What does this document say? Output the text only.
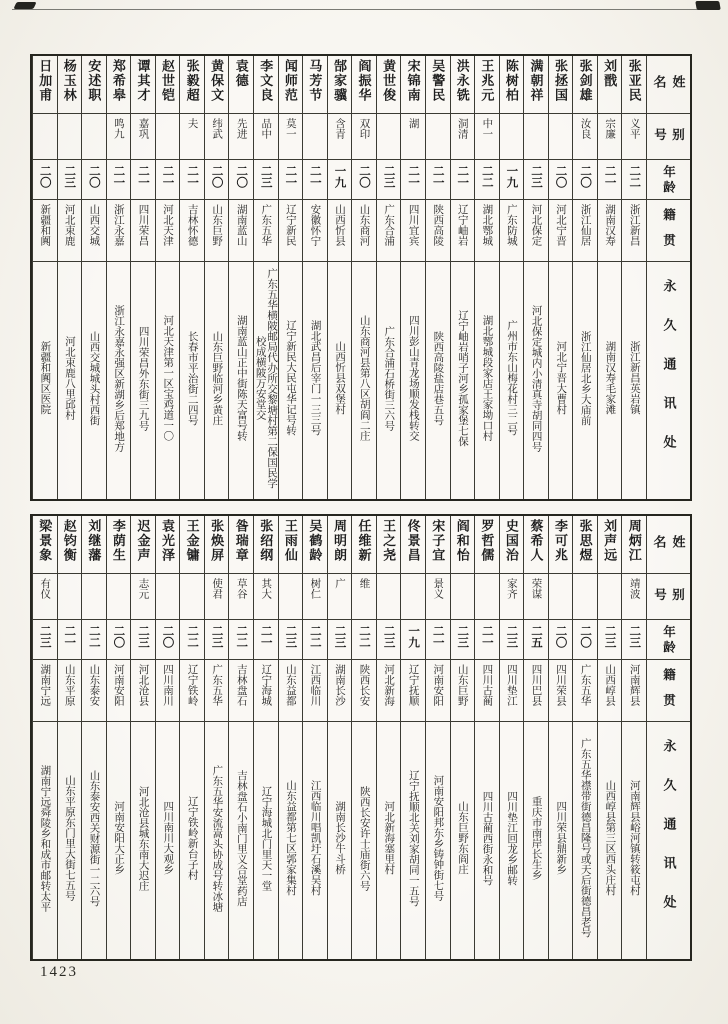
姓名
别号
年龄
籍贯
永久通讯处
张亚民
义平
二二
浙江新昌
浙江新昌英岩镇
刘戬
宗廉
二一
湖南汉寿
湖南汉寿毛家滩
张剑雄
汝良
二〇
浙江仙居
浙江仙居北乡大庙前
张拯国
二〇
河北宁晋
河北宁晋大曹村
满朝祥
二三
河北保定
河北保定城内小清真寺胡同四号
陈树柏
一九
广东防城
广州市东山梅花村三二号
王兆元
中一
二二
湖北鄂城
湖北鄂城段家店王家坳口村
洪永铣
洞清
二一
辽宁岫岩
辽宁岫岩哨子河乡孤家堡七保
吴警民
二一
陕西高陵
陕西高陵盐店巷五号
宋锦南
湖
二一
四川宜宾
四川彭山青龙场顺发栈转交
黄世俊
二三
广东合浦
广东合浦石桥街三六号
阎振华
双印
二〇
山东商河
山东商河县第八区胡阎二庄
郜家骥
含青
一九
山西忻县
山西忻县双堡村
马芳节
二一
安徽怀宁
湖北武昌后宰门一三三号
闻师范
莫一
二一
辽宁新民
辽宁新民大民屯华记号转
李文良
品中
二三
广东五华
广东五华横陂邮局代办所交黎塘村第二保国民学校成横陂万安堂交
袁德
先进
二〇
湖南蓝山
湖南蓝山正中街陈天富号转
黄保文
纬武
二〇
山东巨野
山东巨野临河乡黄庄
张毅超
夫
二一
吉林怀德
长春市平治街二四号
赵世铠
二一
河北天津
河北天津第一区宝鸡道一〇
谭其才
嘉巩
二一
四川荣昌
四川荣昌外东街三九号
郑希皋
鸣九
二一
浙江永嘉
浙江永嘉永强区新湖乡后郑地方
安述职
二〇
山西交城
山西交城城头村西街
杨玉林
二三
河北束鹿
河北束鹿八里邱村
日加甫
二〇
新疆和阗
新疆和阗区医院
姓名
别号
年龄
籍贯
永久通讯处
周炳江
靖波
二三
河南辉县
河南辉县峪河镇转筱屯村
刘声远
二三
山西崞县
山西崞县第三区西头庄村
张思煜
二〇
广东五华
广东五华襟带街德昌隆号或天后街德昌老号
李可兆
二〇
四川荣县
四川荣县鼎新乡
蔡希人
荣谋
二五
四川巴县
重庆市南岸长生乡
史国治
家齐
二三
四川垫江
四川垫江回龙乡邮转
罗哲儒
二一
四川古蔺
四川古蔺西街永和号
阎和怡
二三
山东巨野
山东巨野东阎庄
宋子宜
景义
二一
河南安阳
河南安阳邦东乡铸钟街七号
佟景昌
一九
辽宁抚顺
辽宁抚顺北关刘家胡同一五号
王之尧
二三
河北新海
河北新海塞里村
任维新
维
二二
陕西长安
陕西长安许士庙街六号
周明朗
广
二三
湖南长沙
湖南长沙牛斗桥
吴鹤龄
树仁
二二
江西临川
江西临川唱凯圩石溪吴村
王雨仙
二三
山东益都
山东益都第七区郭家集村
张绍纲
其大
二一
辽宁海城
辽宁海城北门里天一堂
昝瑞章
草谷
二二
吉林盘石
吉林盘石小南门里义合堂药店
张焕屏
使君
二三
广东五华
广东五华安流嵩头协成号转冰塘
王金镛
二二
辽宁铁岭
辽宁铁岭新台子村
袁光泽
二〇
四川南川
四川南川大观乡
迟金声
志元
二三
河北沧县
河北沧县城东南大迟庄
李荫生
二〇
河南安阳
河南安阳大正乡
刘继藩
二二
山东泰安
山东泰安西关财源街一二六号
赵钧衡
二一
山东平原
山东平原东门里大街七五号
梁景象
有仪
二三
湖南宁远
湖南宁远舜陵乡和成市邮转太平
1423
